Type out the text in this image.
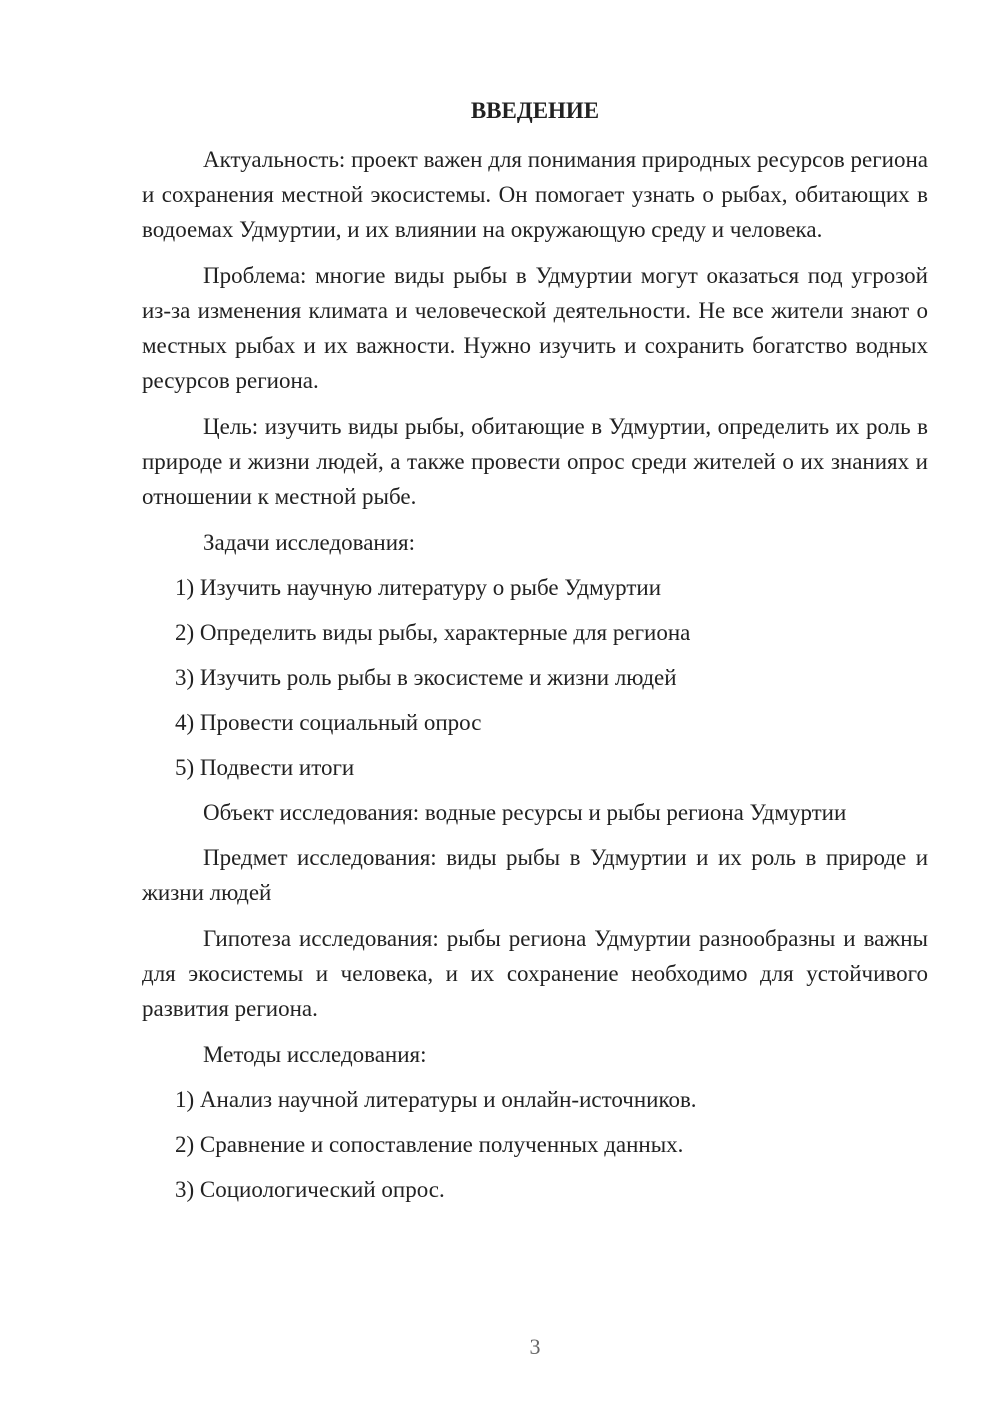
ВВЕДЕНИЕ

Актуальность: проект важен для понимания природных ресурсов региона и сохранения местной экосистемы. Он помогает узнать о рыбах, обитающих в водоемах Удмуртии, и их влиянии на окружающую среду и человека.

Проблема: многие виды рыбы в Удмуртии могут оказаться под угрозой из-за изменения климата и человеческой деятельности. Не все жители знают о местных рыбах и их важности. Нужно изучить и сохранить богатство водных ресурсов региона.

Цель: изучить виды рыбы, обитающие в Удмуртии, определить их роль в природе и жизни людей, а также провести опрос среди жителей о их знаниях и отношении к местной рыбе.

Задачи исследования:

1) Изучить научную литературу о рыбе Удмуртии

2) Определить виды рыбы, характерные для региона

3) Изучить роль рыбы в экосистеме и жизни людей

4) Провести социальный опрос

5) Подвести итоги

Объект исследования: водные ресурсы и рыбы региона Удмуртии

Предмет исследования: виды рыбы в Удмуртии и их роль в природе и жизни людей

Гипотеза исследования: рыбы региона Удмуртии разнообразны и важны для экосистемы и человека, и их сохранение необходимо для устойчивого развития региона.

Методы исследования:

1) Анализ научной литературы и онлайн-источников.

2) Сравнение и сопоставление полученных данных.

3) Социологический опрос.

3
